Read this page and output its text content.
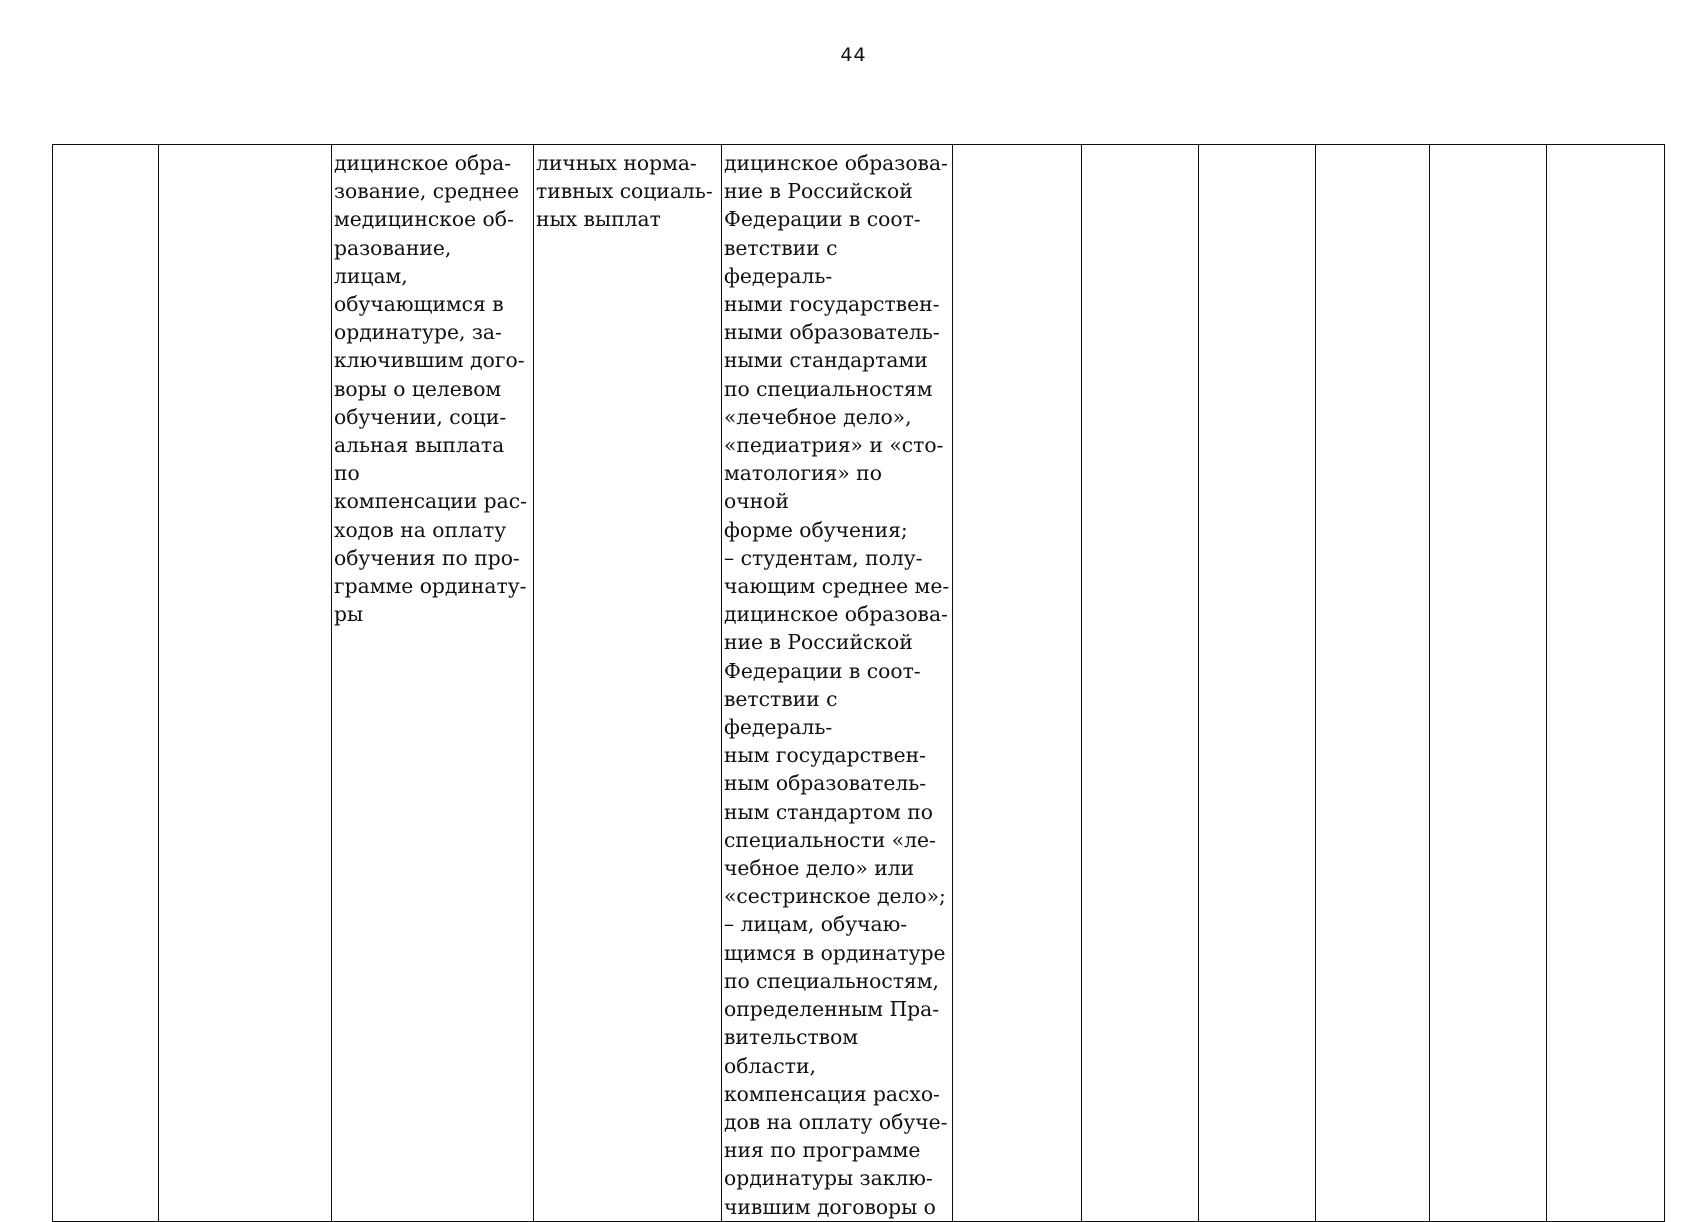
44
		дицинское обра-
зование, среднее
медицинское об-
разование, лицам,
обучающимся в
ординатуре, за-
ключившим дого-
воры о целевом
обучении, соци-
альная выплата по
компенсации рас-
ходов на оплату
обучения по про-
грамме ординату-
ры	личных норма-
тивных социаль-
ных выплат	дицинское образова-
ние в Российской
Федерации в соот-
ветствии с федераль-
ными государствен-
ными образователь-
ными стандартами
по специальностям
«лечебное дело»,
«педиатрия» и «сто-
матология» по очной
форме обучения;
– студентам, полу-
чающим среднее ме-
дицинское образова-
ние в Российской
Федерации в соот-
ветствии с федераль-
ным государствен-
ным образователь-
ным стандартом по
специальности «ле-
чебное дело» или
«сестринское дело»;
– лицам, обучаю-
щимся в ординатуре
по специальностям,
определенным Пра-
вительством области,
компенсация расхо-
дов на оплату обуче-
ния по программе
ординатуры заклю-
чившим договоры о						
